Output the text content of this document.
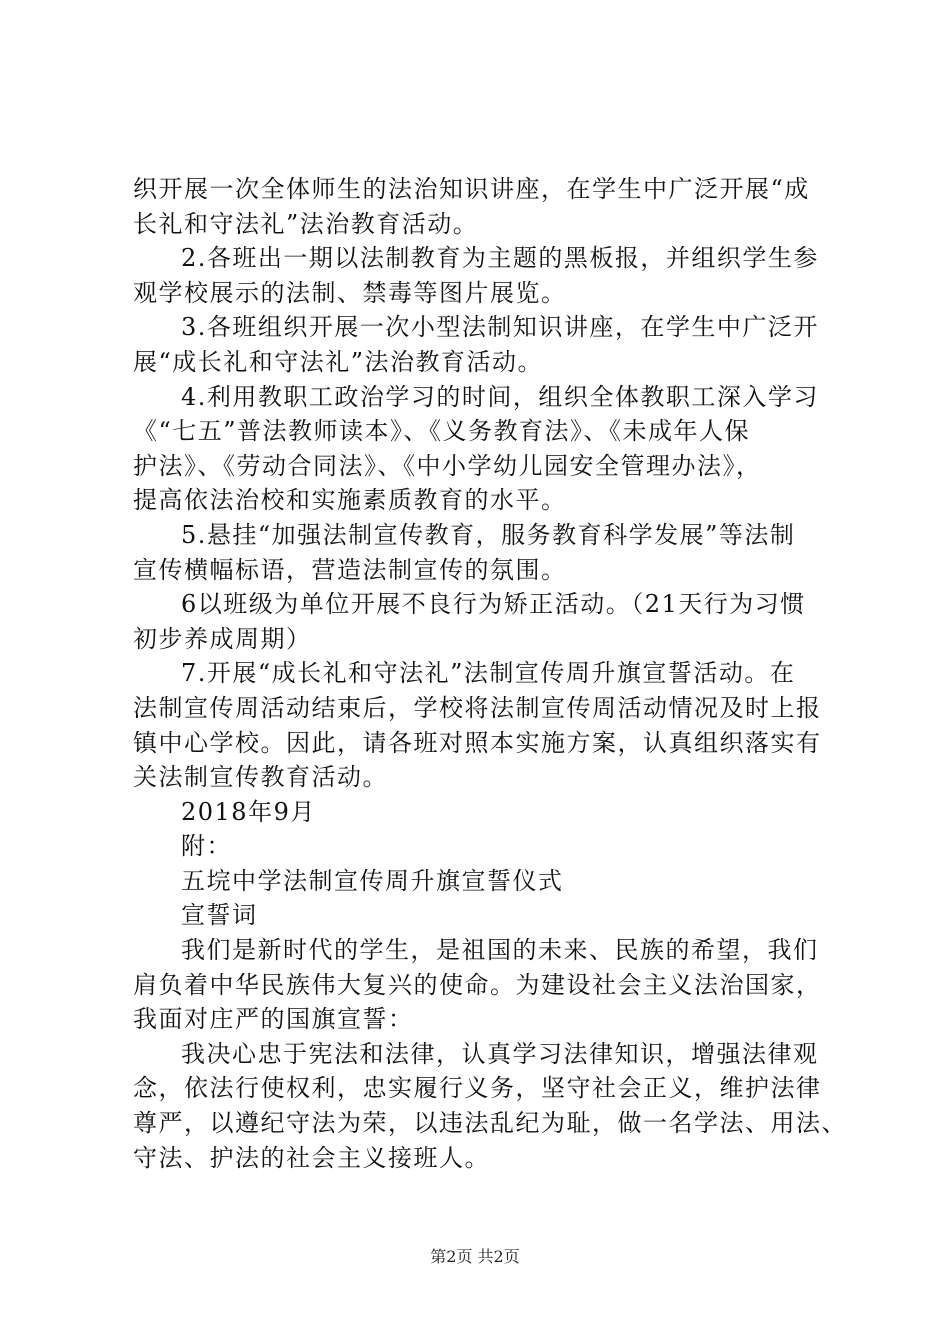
织开展一次全体师生的法治知识讲座，在学生中广泛开展“成
长礼和守法礼”法治教育活动。
2.各班出一期以法制教育为主题的黑板报，并组织学生参
观学校展示的法制、禁毒等图片展览。
3.各班组织开展一次小型法制知识讲座，在学生中广泛开
展“成长礼和守法礼”法治教育活动。
4.利用教职工政治学习的时间，组织全体教职工深入学习
《“七五”普法教师读本》、《义务教育法》、《未成年人保
护法》、《劳动合同法》、《中小学幼儿园安全管理办法》，
提高依法治校和实施素质教育的水平。
5.悬挂“加强法制宣传教育，服务教育科学发展”等法制
宣传横幅标语，营造法制宣传的氛围。
6以班级为单位开展不良行为矫正活动。（21天行为习惯
初步养成周期）
7.开展“成长礼和守法礼”法制宣传周升旗宣誓活动。在
法制宣传周活动结束后，学校将法制宣传周活动情况及时上报
镇中心学校。因此，请各班对照本实施方案，认真组织落实有
关法制宣传教育活动。
2018年9月
附：
五垸中学法制宣传周升旗宣誓仪式
宣誓词
我们是新时代的学生，是祖国的未来、民族的希望，我们
肩负着中华民族伟大复兴的使命。为建设社会主义法治国家，
我面对庄严的国旗宣誓：
我决心忠于宪法和法律，认真学习法律知识，增强法律观
念，依法行使权利，忠实履行义务，坚守社会正义，维护法律
尊严，以遵纪守法为荣，以违法乱纪为耻，做一名学法、用法、
守法、护法的社会主义接班人。
第2页 共2页
